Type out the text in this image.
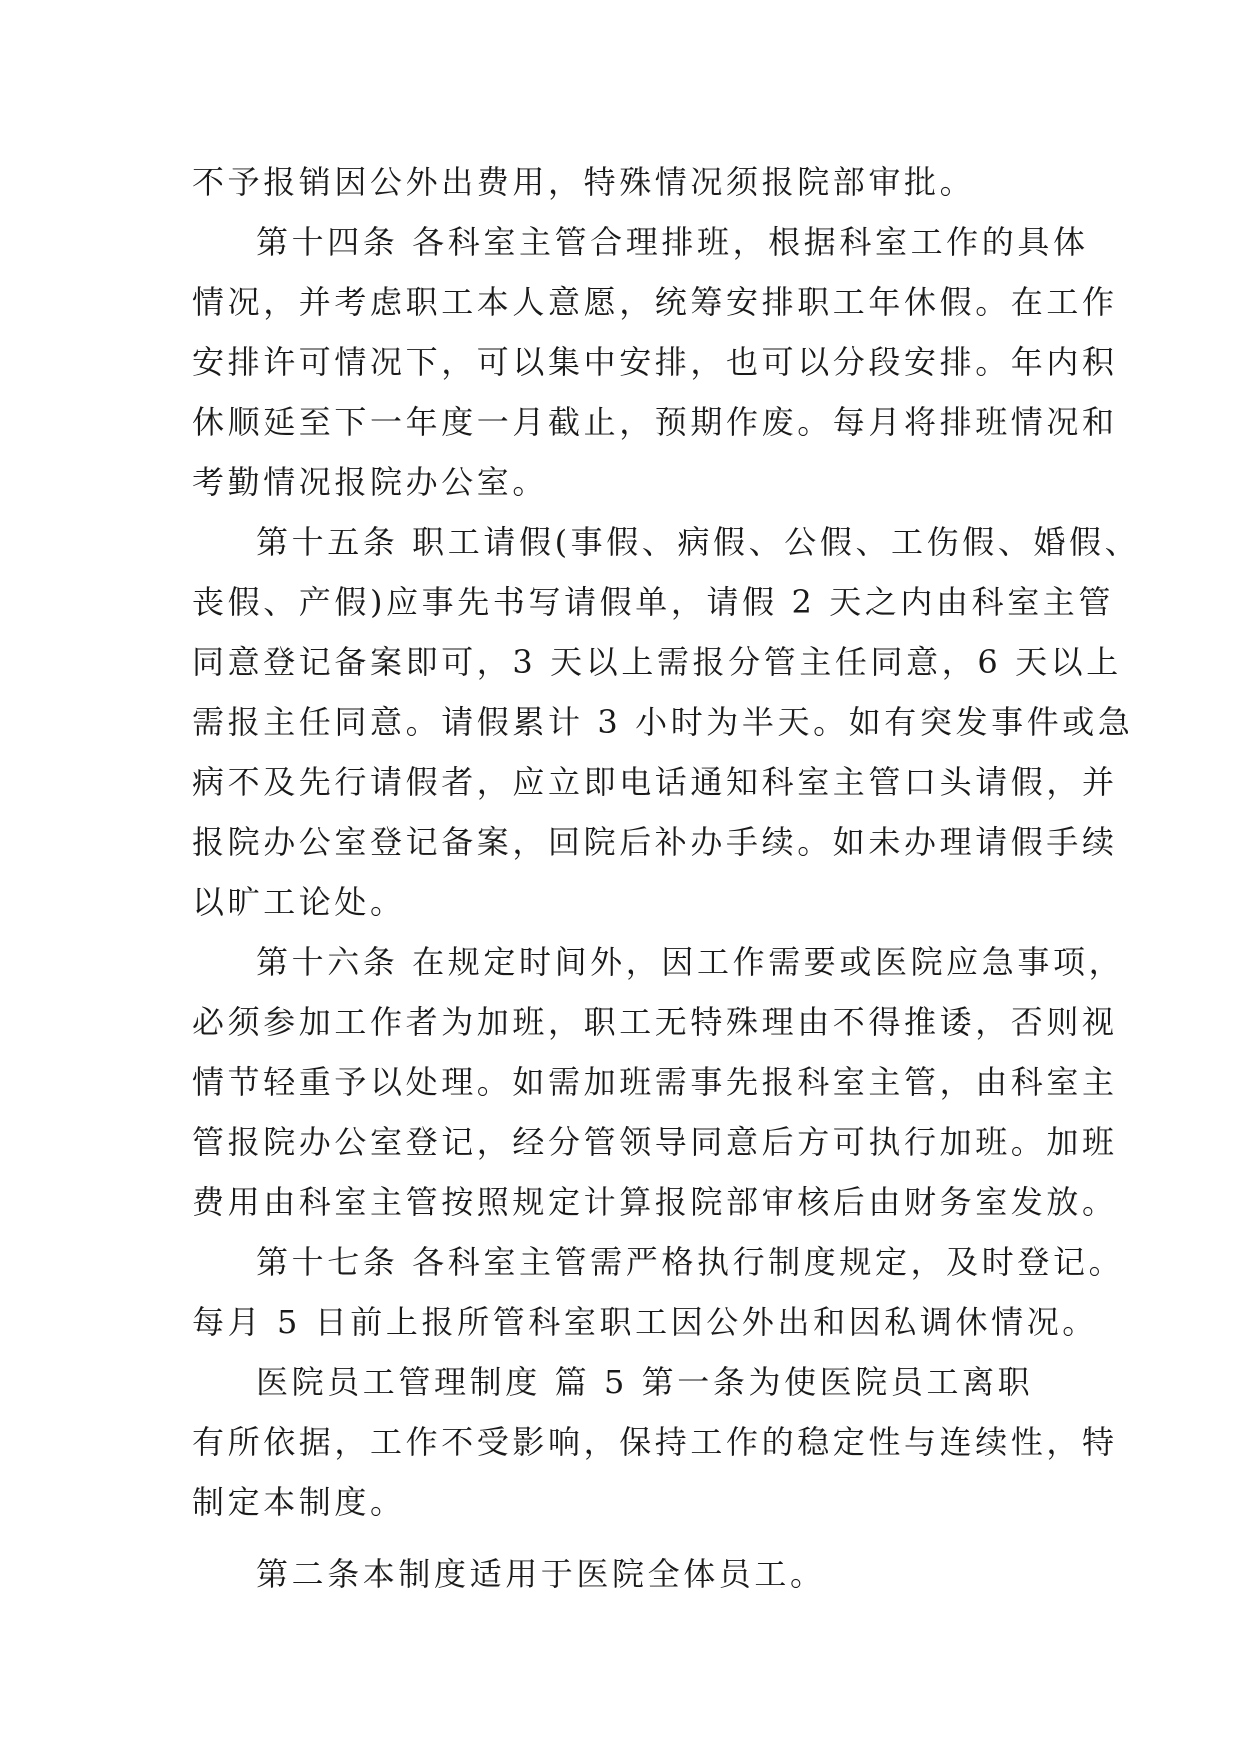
不予报销因公外出费用，特殊情况须报院部审批。
第十四条 各科室主管合理排班，根据科室工作的具体
情况，并考虑职工本人意愿，统筹安排职工年休假。在工作
安排许可情况下，可以集中安排，也可以分段安排。年内积
休顺延至下一年度一月截止，预期作废。每月将排班情况和
考勤情况报院办公室。
第十五条 职工请假(事假、病假、公假、工伤假、婚假、
丧假、产假)应事先书写请假单，请假 2 天之内由科室主管
同意登记备案即可，3 天以上需报分管主任同意，6 天以上
需报主任同意。请假累计 3 小时为半天。如有突发事件或急
病不及先行请假者，应立即电话通知科室主管口头请假，并
报院办公室登记备案，回院后补办手续。如未办理请假手续
以旷工论处。
第十六条 在规定时间外，因工作需要或医院应急事项，
必须参加工作者为加班，职工无特殊理由不得推诿，否则视
情节轻重予以处理。如需加班需事先报科室主管，由科室主
管报院办公室登记，经分管领导同意后方可执行加班。加班
费用由科室主管按照规定计算报院部审核后由财务室发放。
第十七条 各科室主管需严格执行制度规定，及时登记。
每月 5 日前上报所管科室职工因公外出和因私调休情况。
医院员工管理制度 篇 5 第一条为使医院员工离职
有所依据，工作不受影响，保持工作的稳定性与连续性，特
制定本制度。
第二条本制度适用于医院全体员工。
